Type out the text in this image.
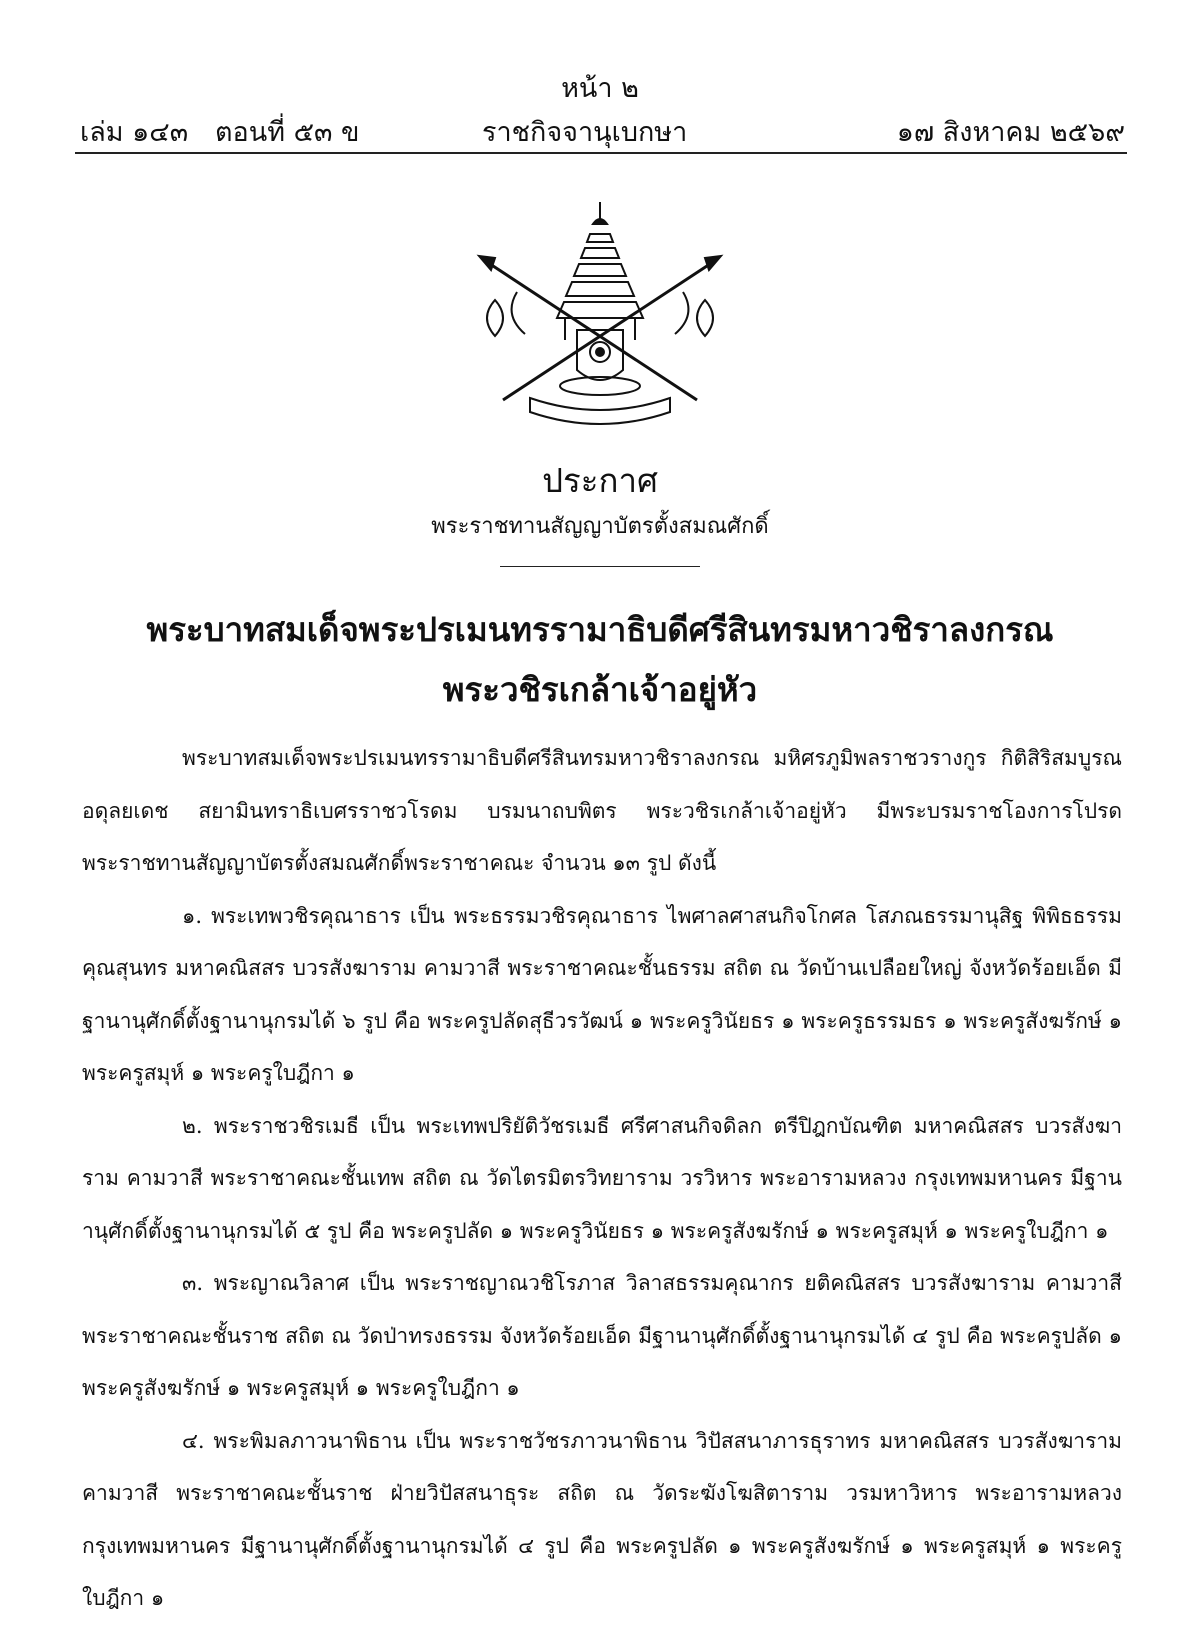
หน้า ๒
เล่ม ๑๔๓ ตอนที่ ๕๓ ข	ราชกิจจานุเบกษา	๑๗ สิงหาคม ๒๕๖๙
ประกาศ
พระราชทานสัญญาบัตรตั้งสมณศักดิ์
พระบาทสมเด็จพระปรเมนทรรามาธิบดีศรีสินทรมหาวชิราลงกรณ
พระวชิรเกล้าเจ้าอยู่หัว

พระบาทสมเด็จพระปรเมนทรรามาธิบดีศรีสินทรมหาวชิราลงกรณ มหิศรภูมิพลราชวรางกูร กิติสิริสมบูรณอดุลยเดช สยามินทราธิเบศรราชวโรดม บรมนาถบพิตร พระวชิรเกล้าเจ้าอยู่หัว มีพระบรมราชโองการโปรดพระราชทานสัญญาบัตรตั้งสมณศักดิ์พระราชาคณะ จำนวน ๑๓ รูป ดังนี้

๑. พระเทพวชิรคุณาธาร เป็น พระธรรมวชิรคุณาธาร ไพศาลศาสนกิจโกศล โสภณธรรมานุสิฐ พิพิธธรรมคุณสุนทร มหาคณิสสร บวรสังฆาราม คามวาสี พระราชาคณะชั้นธรรม สถิต ณ วัดบ้านเปลือยใหญ่ จังหวัดร้อยเอ็ด มีฐานานุศักดิ์ตั้งฐานานุกรมได้ ๖ รูป คือ พระครูปลัดสุธีวรวัฒน์ ๑ พระครูวินัยธร ๑ พระครูธรรมธร ๑ พระครูสังฆรักษ์ ๑ พระครูสมุห์ ๑ พระครูใบฎีกา ๑

๒. พระราชวชิรเมธี เป็น พระเทพปริยัติวัชรเมธี ศรีศาสนกิจดิลก ตรีปิฎกบัณฑิต มหาคณิสสร บวรสังฆาราม คามวาสี พระราชาคณะชั้นเทพ สถิต ณ วัดไตรมิตรวิทยาราม วรวิหาร พระอารามหลวง กรุงเทพมหานคร มีฐานานุศักดิ์ตั้งฐานานุกรมได้ ๕ รูป คือ พระครูปลัด ๑ พระครูวินัยธร ๑ พระครูสังฆรักษ์ ๑ พระครูสมุห์ ๑ พระครูใบฎีกา ๑

๓. พระญาณวิลาศ เป็น พระราชญาณวชิโรภาส วิลาสธรรมคุณากร ยติคณิสสร บวรสังฆาราม คามวาสี พระราชาคณะชั้นราช สถิต ณ วัดป่าทรงธรรม จังหวัดร้อยเอ็ด มีฐานานุศักดิ์ตั้งฐานานุกรมได้ ๔ รูป คือ พระครูปลัด ๑ พระครูสังฆรักษ์ ๑ พระครูสมุห์ ๑ พระครูใบฎีกา ๑

๔. พระพิมลภาวนาพิธาน เป็น พระราชวัชรภาวนาพิธาน วิปัสสนาภารธุราทร มหาคณิสสร บวรสังฆาราม คามวาสี พระราชาคณะชั้นราช ฝ่ายวิปัสสนาธุระ สถิต ณ วัดระฆังโฆสิตาราม วรมหาวิหาร พระอารามหลวง กรุงเทพมหานคร มีฐานานุศักดิ์ตั้งฐานานุกรมได้ ๔ รูป คือ พระครูปลัด ๑ พระครูสังฆรักษ์ ๑ พระครูสมุห์ ๑ พระครูใบฎีกา ๑
